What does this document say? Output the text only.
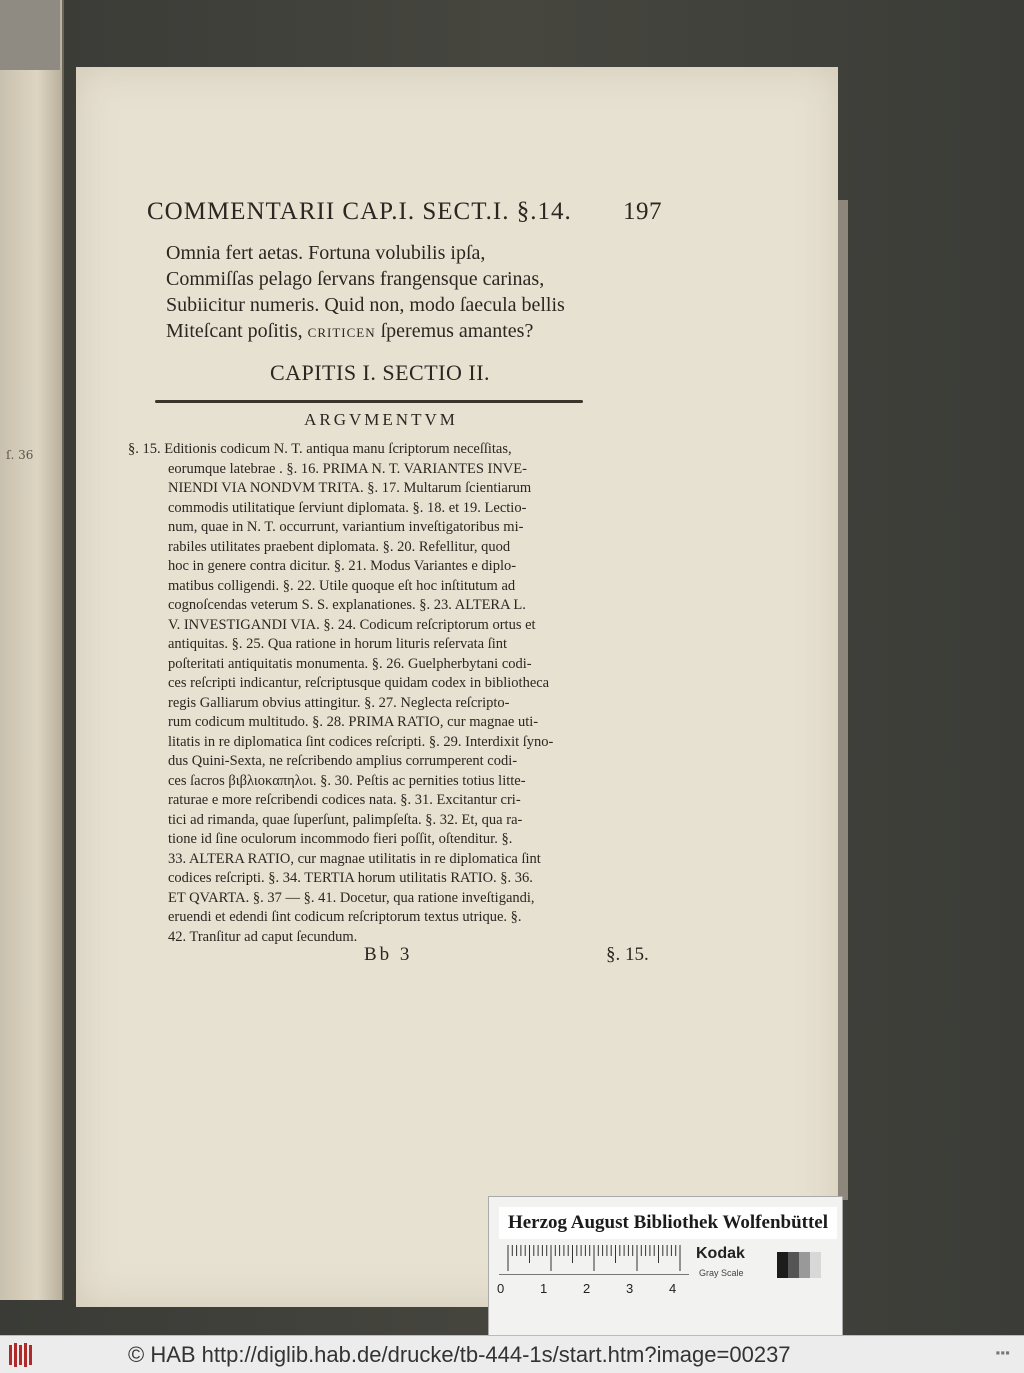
ſ. 36
COMMENTARII CAP.I. SECT.I. §.14. 197
Omnia fert aetas. Fortuna volubilis ipſa,
Commiſſas pelago ſervans frangensque carinas,
Subiicitur numeris. Quid non, modo ſaecula bellis
Miteſcant poſitis, CRITICEN ſperemus amantes?
CAPITIS I. SECTIO II.
ARGVMENTVM
§. 15. Editionis codicum N. T. antiqua manu ſcriptorum neceſſitas,
eorumque latebrae . §. 16. PRIMA N. T. VARIANTES INVE-
NIENDI VIA NONDVM TRITA. §. 17. Multarum ſcientiarum
commodis utilitatique ſerviunt diplomata. §. 18. et 19. Lectio-
num, quae in N. T. occurrunt, variantium inveſtigatoribus mi-
rabiles utilitates praebent diplomata. §. 20. Refellitur, quod
hoc in genere contra dicitur. §. 21. Modus Variantes e diplo-
matibus colligendi. §. 22. Utile quoque eſt hoc inſtitutum ad
cognoſcendas veterum S. S. explanationes. §. 23. ALTERA L.
V. INVESTIGANDI VIA. §. 24. Codicum reſcriptorum ortus et
antiquitas. §. 25. Qua ratione in horum lituris reſervata ſint
poſteritati antiquitatis monumenta. §. 26. Guelpherbytani codi-
ces reſcripti indicantur, reſcriptusque quidam codex in bibliotheca
regis Galliarum obvius attingitur. §. 27. Neglecta reſcripto-
rum codicum multitudo. §. 28. PRIMA RATIO, cur magnae uti-
litatis in re diplomatica ſint codices reſcripti. §. 29. Interdixit ſyno-
dus Quini-Sexta, ne reſcribendo amplius corrumperent codi-
ces ſacros βιβλιοκαπηλοι. §. 30. Peſtis ac pernities totius litte-
raturae e more reſcribendi codices nata. §. 31. Excitantur cri-
tici ad rimanda, quae ſuperſunt, palimpſeſta. §. 32. Et, qua ra-
tione id ſine oculorum incommodo fieri poſſit, oſtenditur. §.
33. ALTERA RATIO, cur magnae utilitatis in re diplomatica ſint
codices reſcripti. §. 34. TERTIA horum utilitatis RATIO. §. 36.
ET QVARTA. §. 37 — §. 41. Docetur, qua ratione inveſtigandi,
eruendi et edendi ſint codicum reſcriptorum textus utrique. §.
42. Tranſitur ad caput ſecundum.
Bb 3	§. 15.
Herzog August Bibliothek Wolfenbüttel
0	1	2	3	4
Kodak
Gray Scale
© HAB http://diglib.hab.de/drucke/tb-444-1s/start.htm?image=00237	▪▪▪
